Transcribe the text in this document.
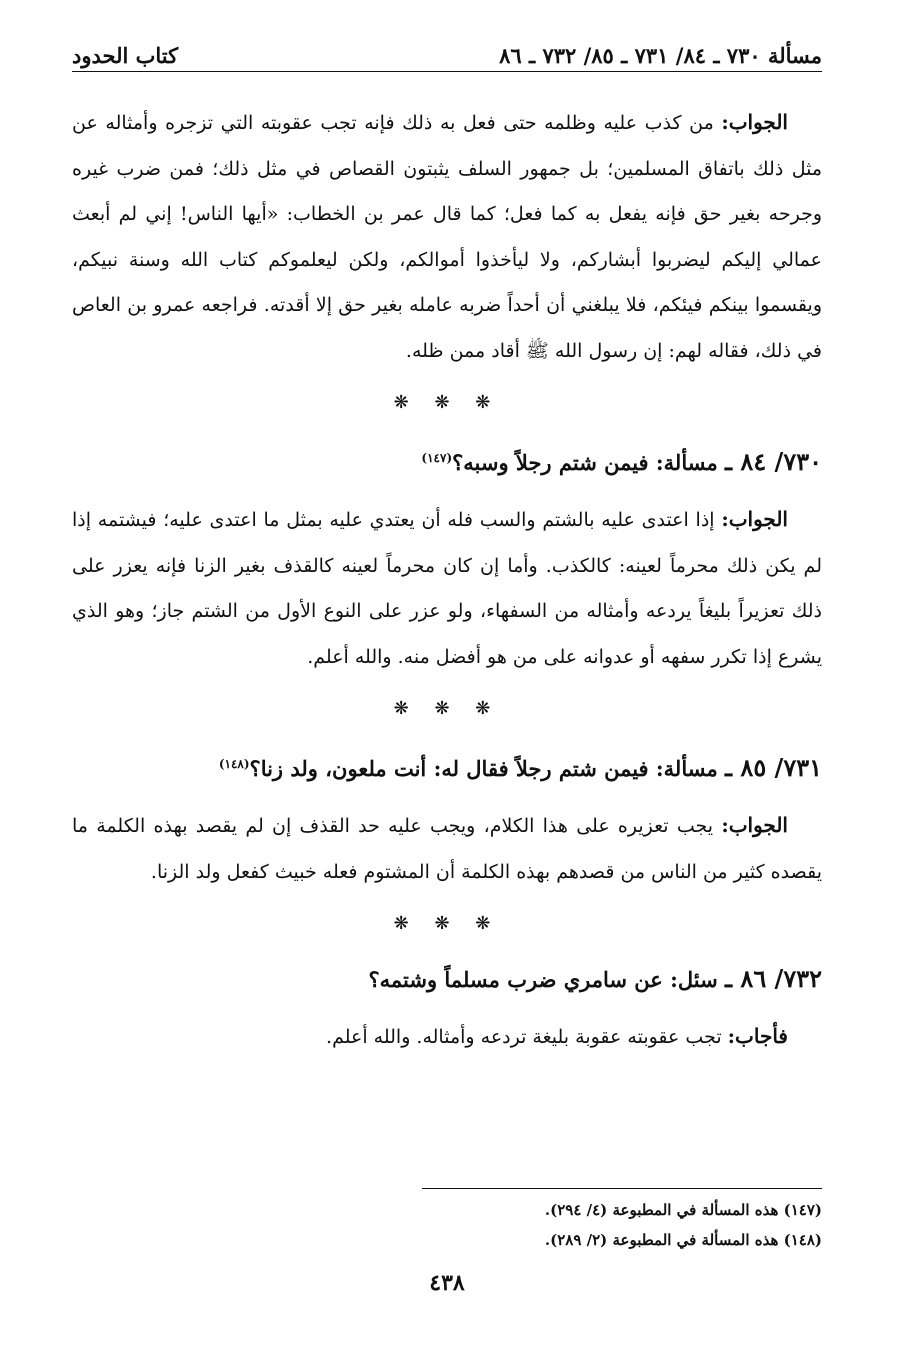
مسألة ٧٣٠ ـ ٨٤/ ٧٣١ ـ ٨٥/ ٧٣٢ ـ ٨٦
كتاب الحدود

الجواب: من كذب عليه وظلمه حتى فعل به ذلك فإنه تجب عقوبته التي تزجره وأمثاله عن مثل ذلك باتفاق المسلمين؛ بل جمهور السلف يثبتون القصاص في مثل ذلك؛ فمن ضرب غيره وجرحه بغير حق فإنه يفعل به كما فعل؛ كما قال عمر بن الخطاب: «أيها الناس! إني لم أبعث عمالي إليكم ليضربوا أبشاركم، ولا ليأخذوا أموالكم، ولكن ليعلموكم كتاب الله وسنة نبيكم، ويقسموا بينكم فيئكم، فلا يبلغني أن أحداً ضربه عامله بغير حق إلا أقدته. فراجعه عمرو بن العاص في ذلك، فقاله لهم: إن رسول الله ﷺ أقاد ممن ظله.

❋ ❋ ❋
٧٣٠/ ٨٤ ـ مسألة: فيمن شتم رجلاً وسبه؟$^{(١٤٧)}$

الجواب: إذا اعتدى عليه بالشتم والسب فله أن يعتدي عليه بمثل ما اعتدى عليه؛ فيشتمه إذا لم يكن ذلك محرماً لعينه: كالكذب. وأما إن كان محرماً لعينه كالقذف بغير الزنا فإنه يعزر على ذلك تعزيراً بليغاً يردعه وأمثاله من السفهاء، ولو عزر على النوع الأول من الشتم جاز؛ وهو الذي يشرع إذا تكرر سفهه أو عدوانه على من هو أفضل منه. والله أعلم.

❋ ❋ ❋
٧٣١/ ٨٥ ـ مسألة: فيمن شتم رجلاً فقال له: أنت ملعون، ولد زنا؟$^{(١٤٨)}$

الجواب: يجب تعزيره على هذا الكلام، ويجب عليه حد القذف إن لم يقصد بهذه الكلمة ما يقصده كثير من الناس من قصدهم بهذه الكلمة أن المشتوم فعله خبيث كفعل ولد الزنا.

❋ ❋ ❋
٧٣٢/ ٨٦ ـ سئل: عن سامري ضرب مسلماً وشتمه؟

فأجاب: تجب عقوبته عقوبة بليغة تردعه وأمثاله. والله أعلم.

(١٤٧) هذه المسألة في المطبوعة (٤/ ٢٩٤).

(١٤٨) هذه المسألة في المطبوعة (٢/ ٢٨٩).

٤٣٨
